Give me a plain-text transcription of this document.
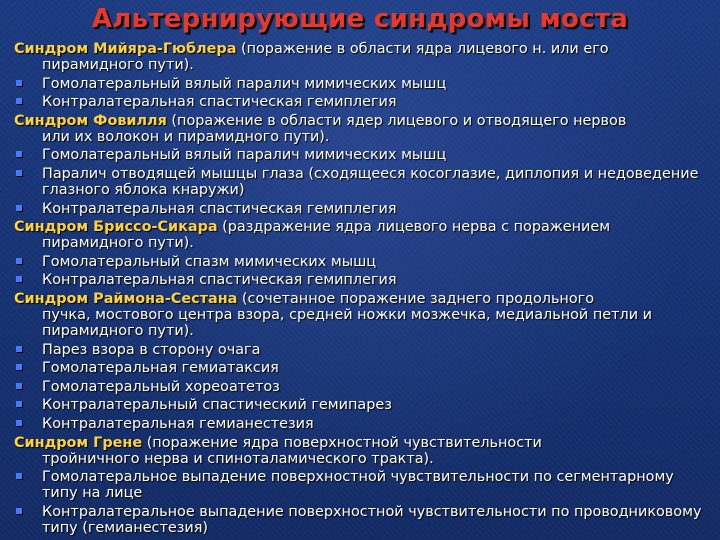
Альтернирующие синдромы моста
Синдром Мийяра-Гюблера (поражение в области ядра лицевого н. или его
пирамидного пути).
Гомолатеральный вялый паралич мимических мышц
Контралатеральная спастическая гемиплегия
Синдром Фовилля (поражение в области ядер лицевого и отводящего нервов
или их волокон и пирамидного пути).
Гомолатеральный вялый паралич мимических мышц
Паралич отводящей мышцы глаза (сходящееся косоглазие, диплопия и недоведение глазного яблока кнаружи)
Контралатеральная спастическая гемиплегия
Синдром Бриссо-Сикара (раздражение ядра лицевого нерва с поражением
пирамидного пути).
Гомолатеральный спазм мимических мышц
Контралатеральная спастическая гемиплегия
Синдром Раймона-Сестана (сочетанное поражение заднего продольного
пучка, мостового центра взора, средней ножки мозжечка, медиальной петли и пирамидного пути).
Парез взора в сторону очага
Гомолатеральная гемиатаксия
Гомолатеральный хореоатетоз
Контралатеральный спастический гемипарез
Контралатеральная гемианестезия
Синдром Грене (поражение ядра поверхностной чувствительности
тройничного нерва и спиноталамического тракта).
Гомолатеральное выпадение поверхностной чувствительности по сегментарному типу на лице
Контралатеральное выпадение поверхностной чувствительности по проводниковому типу (гемианестезия)
